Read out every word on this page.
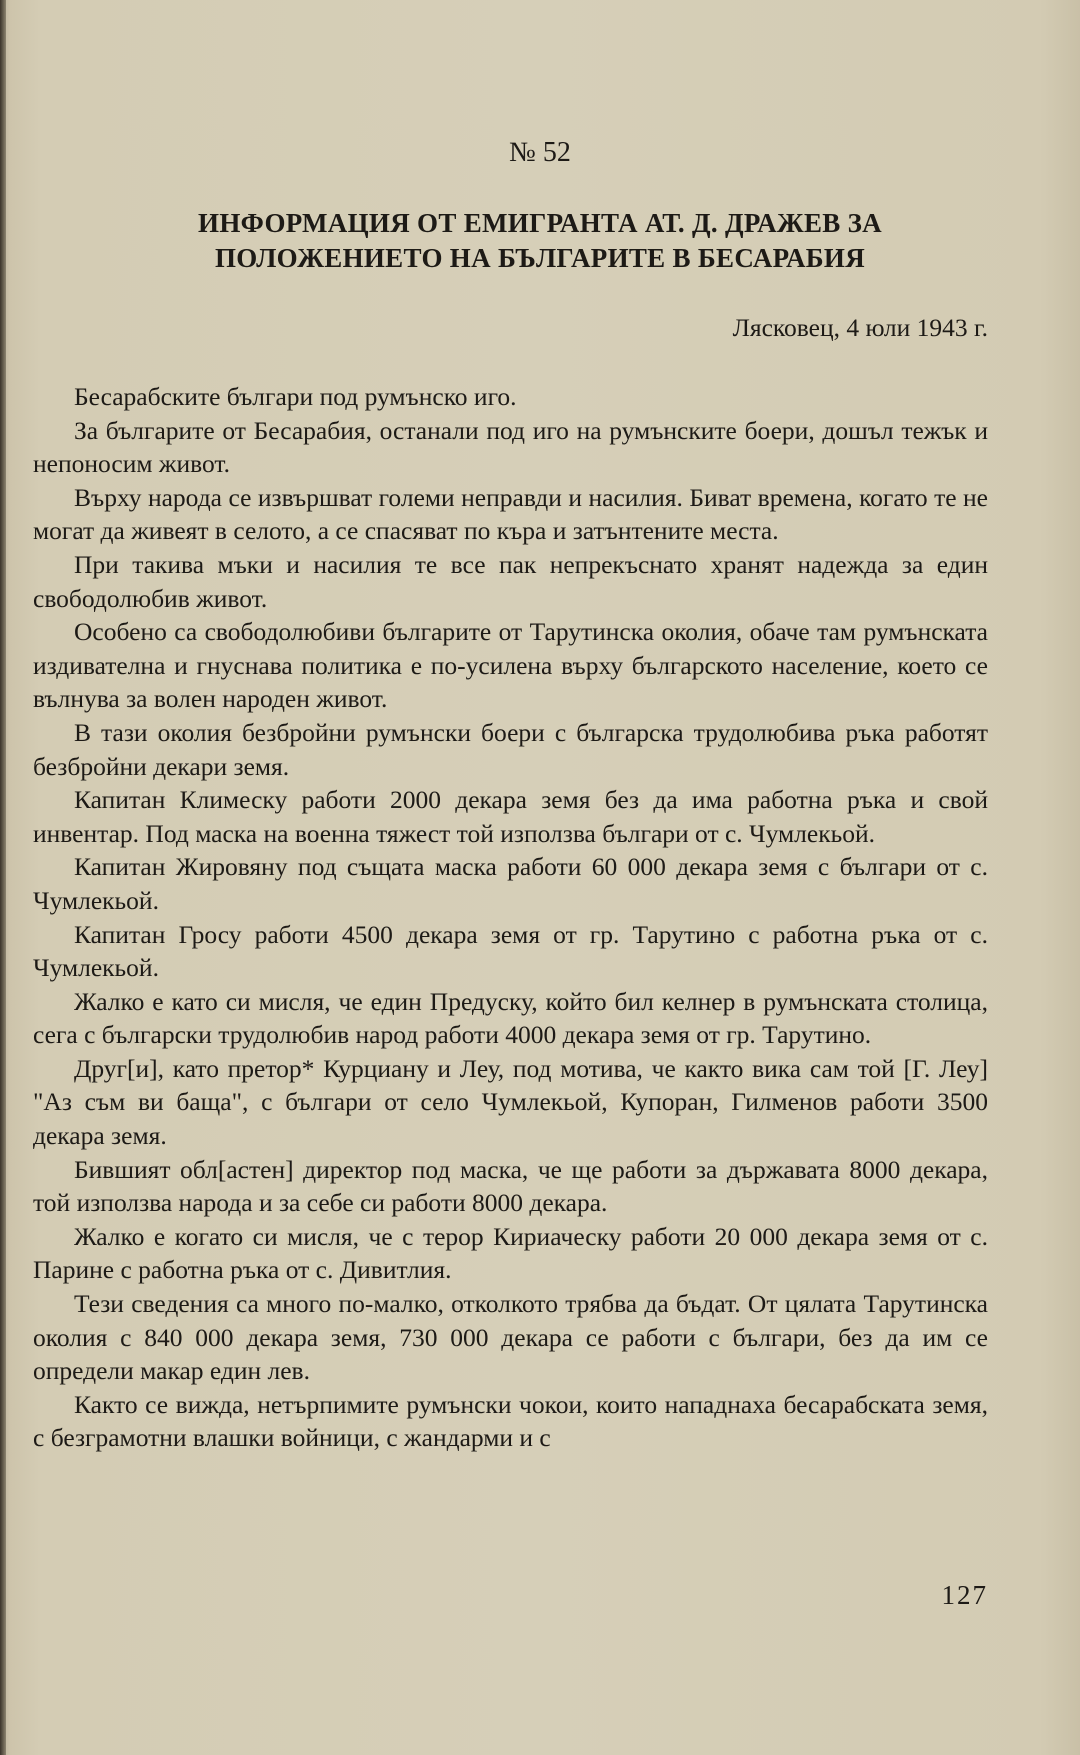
№ 52
ИНФОРМАЦИЯ ОТ ЕМИГРАНТА АТ. Д. ДРАЖЕВ ЗА
ПОЛОЖЕНИЕТО НА БЪЛГАРИТЕ В БЕСАРАБИЯ
Лясковец, 4 юли 1943 г.

Бесарабските българи под румънско иго.

За българите от Бесарабия, останали под иго на румънските боери, дошъл тежък и непоносим живот.

Върху народа се извършват големи неправди и насилия. Биват времена, когато те не могат да живеят в селото, а се спасяват по къра и затънтените места.

При такива мъки и насилия те все пак непрекъснато хранят надежда за един свободолюбив живот.

Особено са свободолюбиви българите от Тарутинска околия, обаче там румънската издивателна и гнуснава политика е по-усилена върху българското население, което се вълнува за волен народен живот.

В тази околия безбройни румънски боери с българска трудолюбива ръка работят безбройни декари земя.

Капитан Климеску работи 2000 декара земя без да има работна ръка и свой инвентар. Под маска на военна тяжест той използва българи от с. Чумлекьой.

Капитан Жировяну под същата маска работи 60 000 декара земя с българи от с. Чумлекьой.

Капитан Гросу работи 4500 декара земя от гр. Тарутино с работна ръка от с. Чумлекьой.

Жалко е като си мисля, че един Предуску, който бил келнер в румънската столица, сега с български трудолюбив народ работи 4000 декара земя от гр. Тарутино.

Друг[и], като претор* Курциану и Леу, под мотива, че както вика сам той [Г. Леу] "Аз съм ви баща", с българи от село Чумлекьой, Купоран, Гилменов работи 3500 декара земя.

Бившият обл[астен] директор под маска, че ще работи за държавата 8000 декара, той използва народа и за себе си работи 8000 декара.

Жалко е когато си мисля, че с терор Кириаческу работи 20 000 декара земя от с. Парине с работна ръка от с. Дивитлия.

Тези сведения са много по-малко, отколкото трябва да бъдат. От цялата Тарутинска околия с 840 000 декара земя, 730 000 декара се работи с българи, без да им се определи макар един лев.

Както се вижда, нетърпимите румънски чокои, които нападнаха бесарабската земя, с безграмотни влашки войници, с жандарми и с

127
